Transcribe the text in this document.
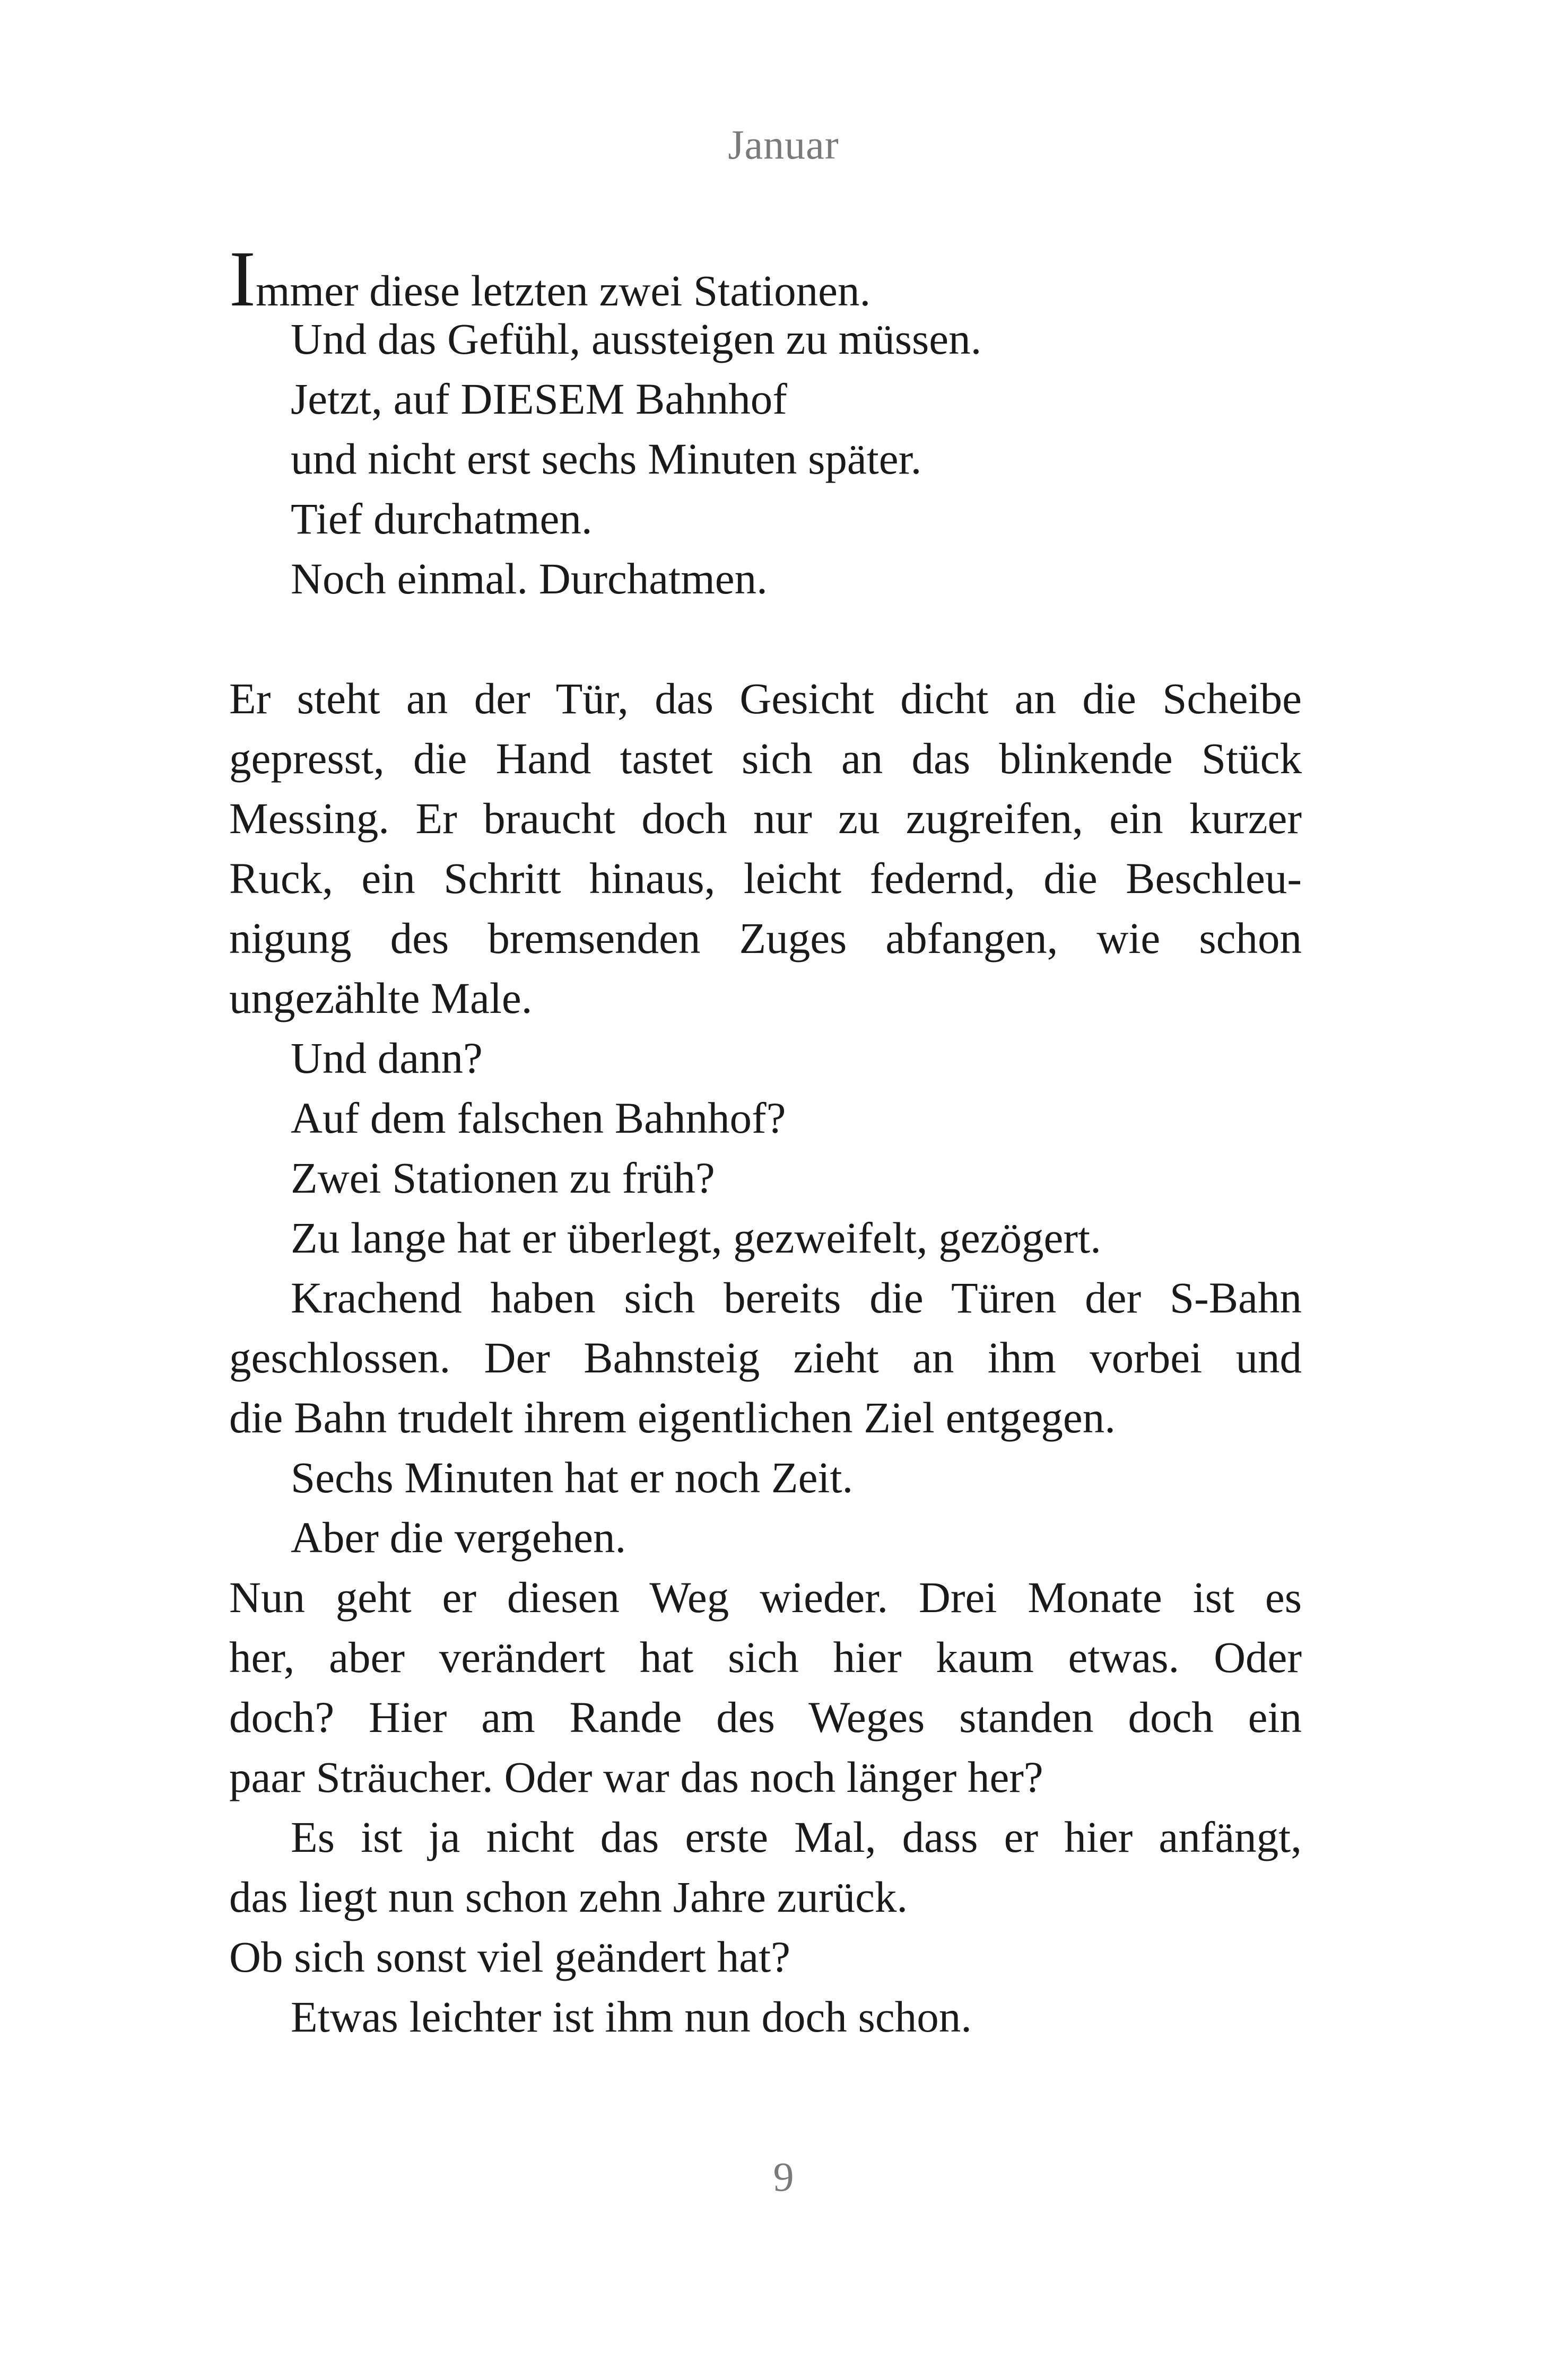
Januar
Immer diese letzten zwei Stationen.
Und das Gefühl, aussteigen zu müssen.
Jetzt, auf DIESEM Bahnhof
und nicht erst sechs Minuten später.
Tief durchatmen.
Noch einmal. Durchatmen.
Er steht an der Tür, das Gesicht dicht an die Scheibe
gepresst, die Hand tastet sich an das blinkende Stück
Messing. Er braucht doch nur zu zugreifen, ein kurzer
Ruck, ein Schritt hinaus, leicht federnd, die Beschleu-
nigung des bremsenden Zuges abfangen, wie schon
ungezählte Male.
Und dann?
Auf dem falschen Bahnhof?
Zwei Stationen zu früh?
Zu lange hat er überlegt, gezweifelt, gezögert.
Krachend haben sich bereits die Türen der S-Bahn
geschlossen. Der Bahnsteig zieht an ihm vorbei und
die Bahn trudelt ihrem eigentlichen Ziel entgegen.
Sechs Minuten hat er noch Zeit.
Aber die vergehen.
Nun geht er diesen Weg wieder. Drei Monate ist es
her, aber verändert hat sich hier kaum etwas. Oder
doch? Hier am Rande des Weges standen doch ein
paar Sträucher. Oder war das noch länger her?
Es ist ja nicht das erste Mal, dass er hier anfängt,
das liegt nun schon zehn Jahre zurück.
Ob sich sonst viel geändert hat?
Etwas leichter ist ihm nun doch schon.
9
